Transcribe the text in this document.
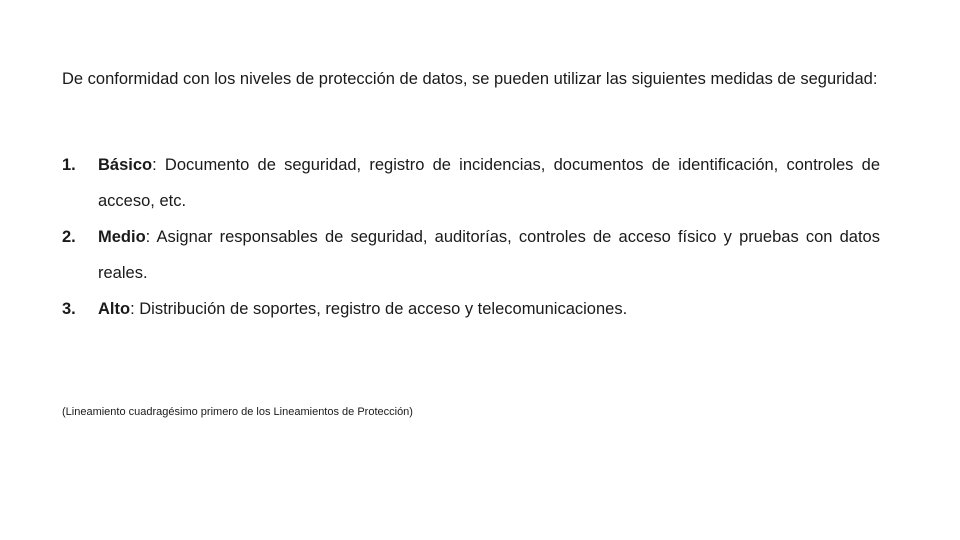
De conformidad con los niveles de protección de datos, se pueden utilizar las siguientes medidas de seguridad:

1. Básico: Documento de seguridad, registro de incidencias, documentos de identificación, controles de acceso, etc.
2. Medio: Asignar responsables de seguridad, auditorías, controles de acceso físico y pruebas con datos reales.
3. Alto: Distribución de soportes, registro de acceso y telecomunicaciones.
(Lineamiento cuadragésimo primero de los Lineamientos de Protección)
